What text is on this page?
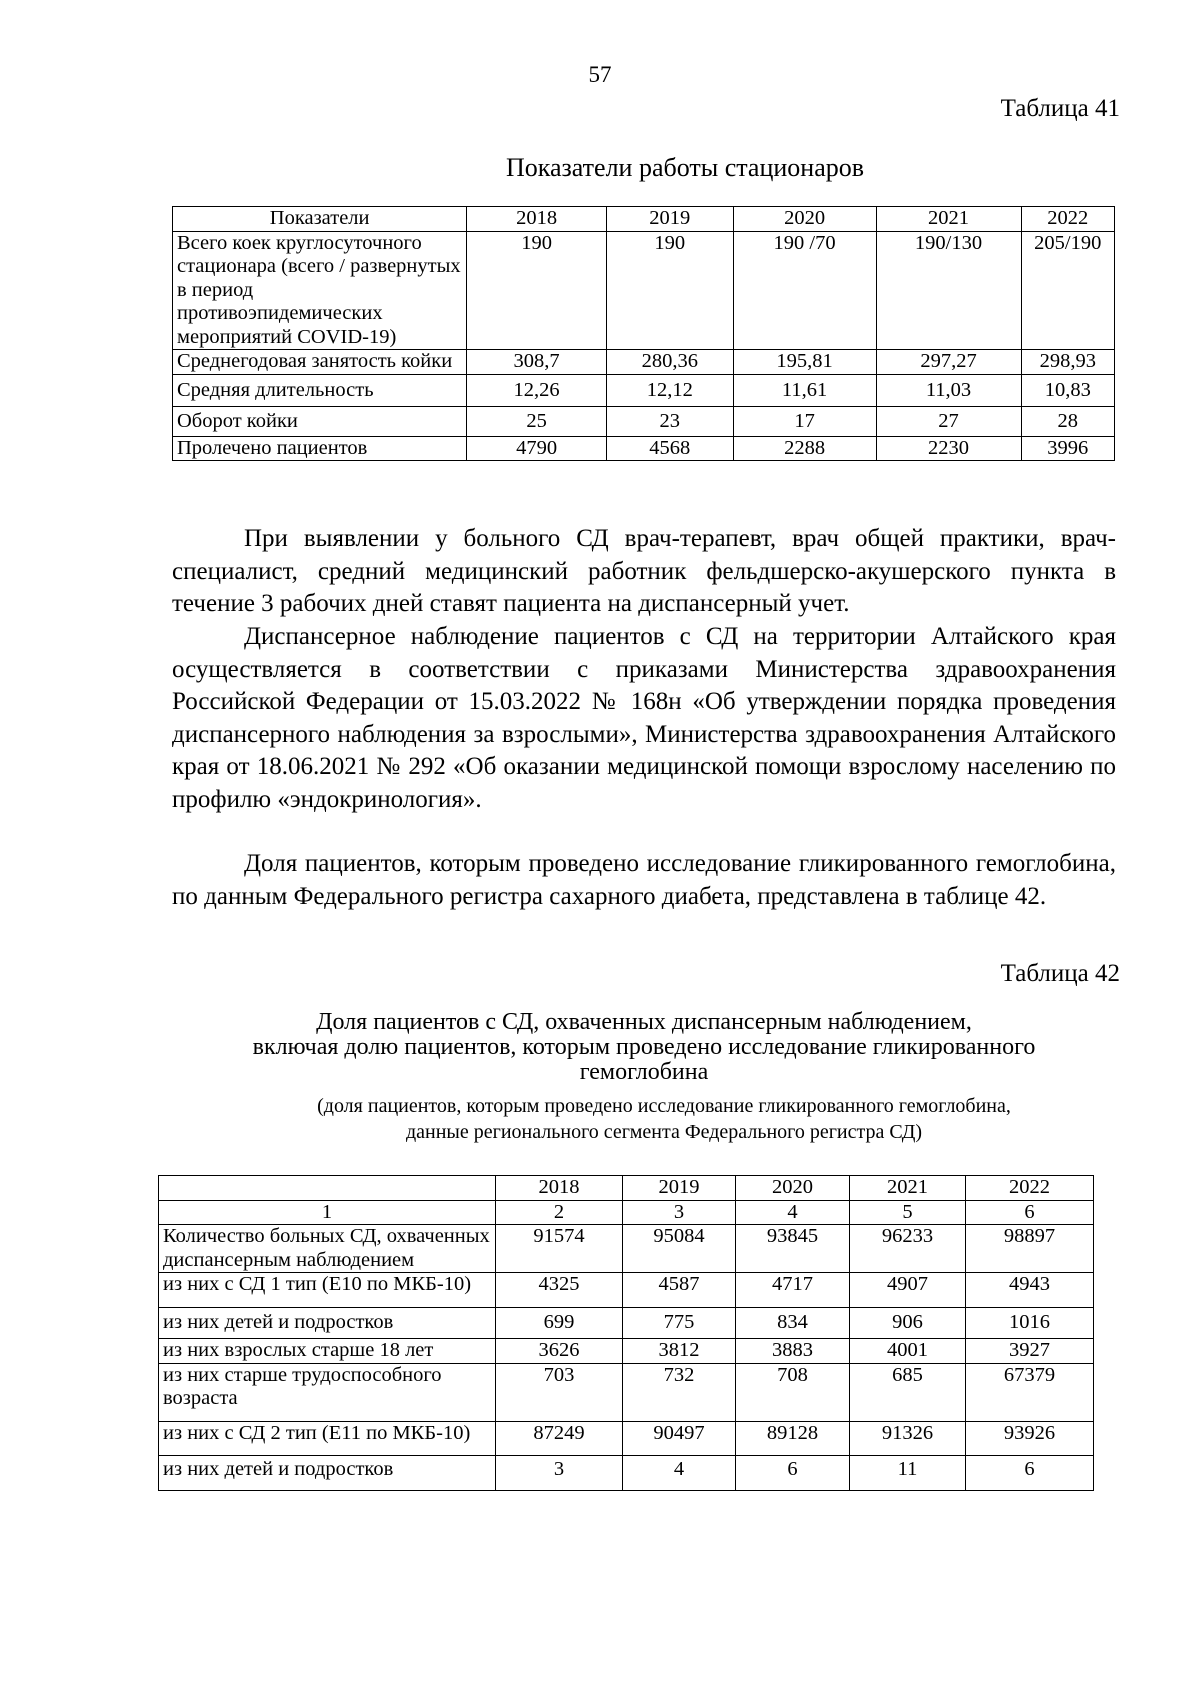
57
Таблица 41
Показатели работы стационаров
Показатели	2018	2019	2020	2021	2022
Всего коек круглосуточного стационара (всего / развернутых в период противоэпидемических мероприятий COVID-19)	190	190	190 /70	190/130	205/190
Среднегодовая занятость койки	308,7	280,36	195,81	297,27	298,93
Средняя длительность	12,26	12,12	11,61	11,03	10,83
Оборот койки	25	23	17	27	28
Пролечено пациентов	4790	4568	2288	2230	3996

При выявлении у больного СД врач-терапевт, врач общей практики, врач-специалист, средний медицинский работник фельдшерско-акушерского пункта в течение 3 рабочих дней ставят пациента на диспансерный учет.

Диспансерное наблюдение пациентов с СД на территории Алтайского края осуществляется в соответствии с приказами Министерства здравоохранения Российской Федерации от 15.03.2022 № 168н «Об утверждении порядка проведения диспансерного наблюдения за взрослыми», Министерства здравоохранения Алтайского края от 18.06.2021 № 292 «Об оказании медицинской помощи взрослому населению по профилю «эндокринология».

Доля пациентов, которым проведено исследование гликированного гемоглобина, по данным Федерального регистра сахарного диабета, представлена в таблице 42.

Таблица 42
Доля пациентов с СД, охваченных диспансерным наблюдением,
включая долю пациентов, которым проведено исследование гликированного
гемоглобина
(доля пациентов, которым проведено исследование гликированного гемоглобина,
данные регионального сегмента Федерального регистра СД)
	2018	2019	2020	2021	2022
1	2	3	4	5	6
Количество больных СД, охваченных диспансерным наблюдением	91574	95084	93845	96233	98897
из них с СД 1 тип (Е10 по МКБ-10)	4325	4587	4717	4907	4943
из них детей и подростков	699	775	834	906	1016
из них взрослых старше 18 лет	3626	3812	3883	4001	3927
из них старше трудоспособного возраста	703	732	708	685	67379
из них с СД 2 тип (Е11 по МКБ-10)	87249	90497	89128	91326	93926
из них детей и подростков	3	4	6	11	6
